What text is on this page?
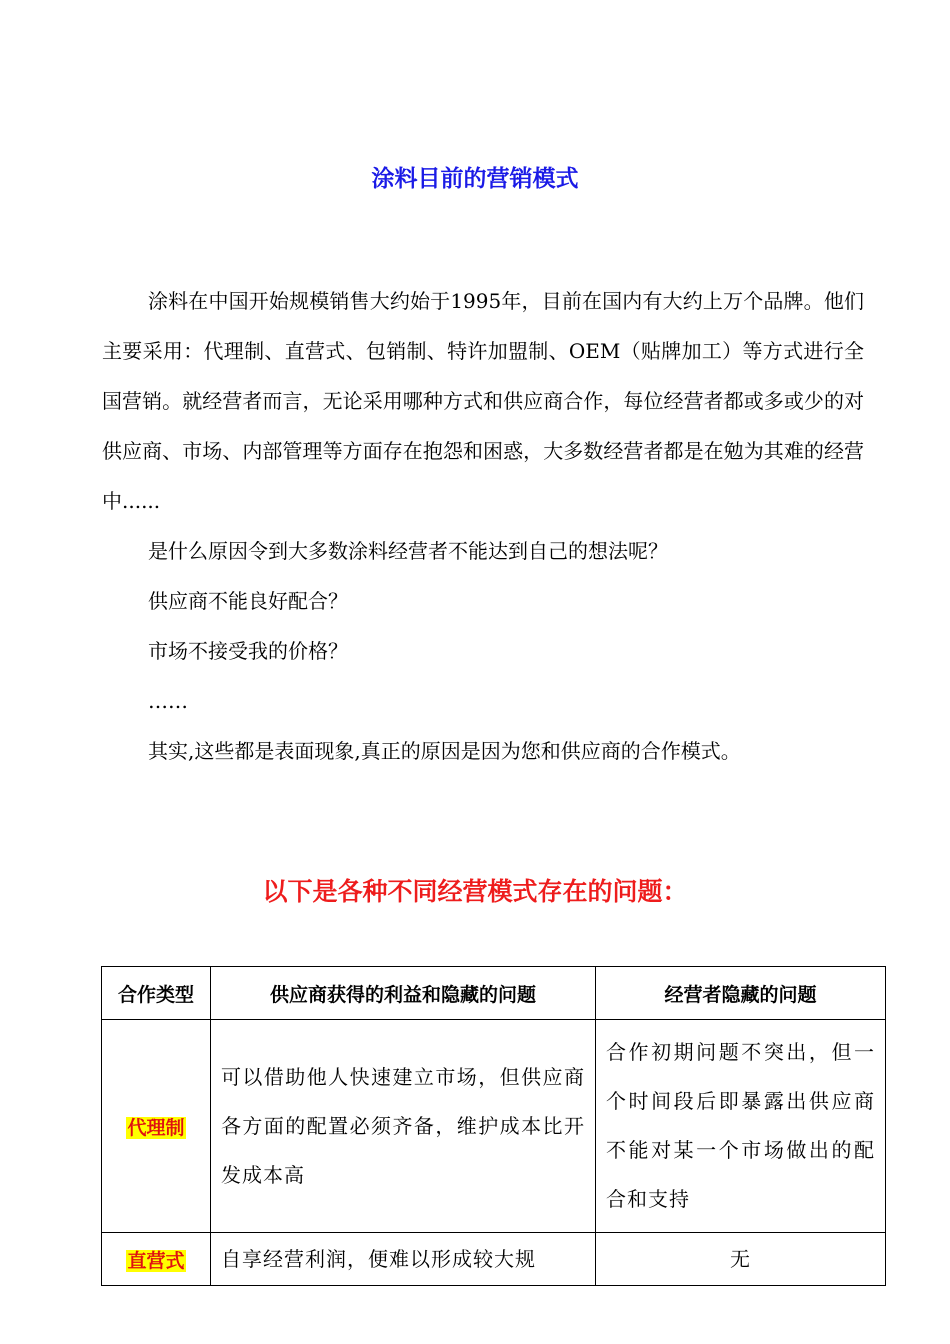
涂料目前的营销模式

涂料在中国开始规模销售大约始于1995年，目前在国内有大约上万个品牌。他们主要采用：代理制、直营式、包销制、特许加盟制、OEM（贴牌加工）等方式进行全国营销。就经营者而言，无论采用哪种方式和供应商合作，每位经营者都或多或少的对供应商、市场、内部管理等方面存在抱怨和困惑，大多数经营者都是在勉为其难的经营中......

是什么原因令到大多数涂料经营者不能达到自己的想法呢？

供应商不能良好配合？

市场不接受我的价格？

……

其实,这些都是表面现象,真正的原因是因为您和供应商的合作模式。

以下是各种不同经营模式存在的问题：
合作类型	供应商获得的利益和隐藏的问题	经营者隐藏的问题
代理制	可以借助他人快速建立市场，但供应商各方面的配置必须齐备，维护成本比开发成本高	合作初期问题不突出，但一个时间段后即暴露出供应商不能对某一个市场做出的配合和支持

直营式	自享经营利润，便难以形成较大规	无
